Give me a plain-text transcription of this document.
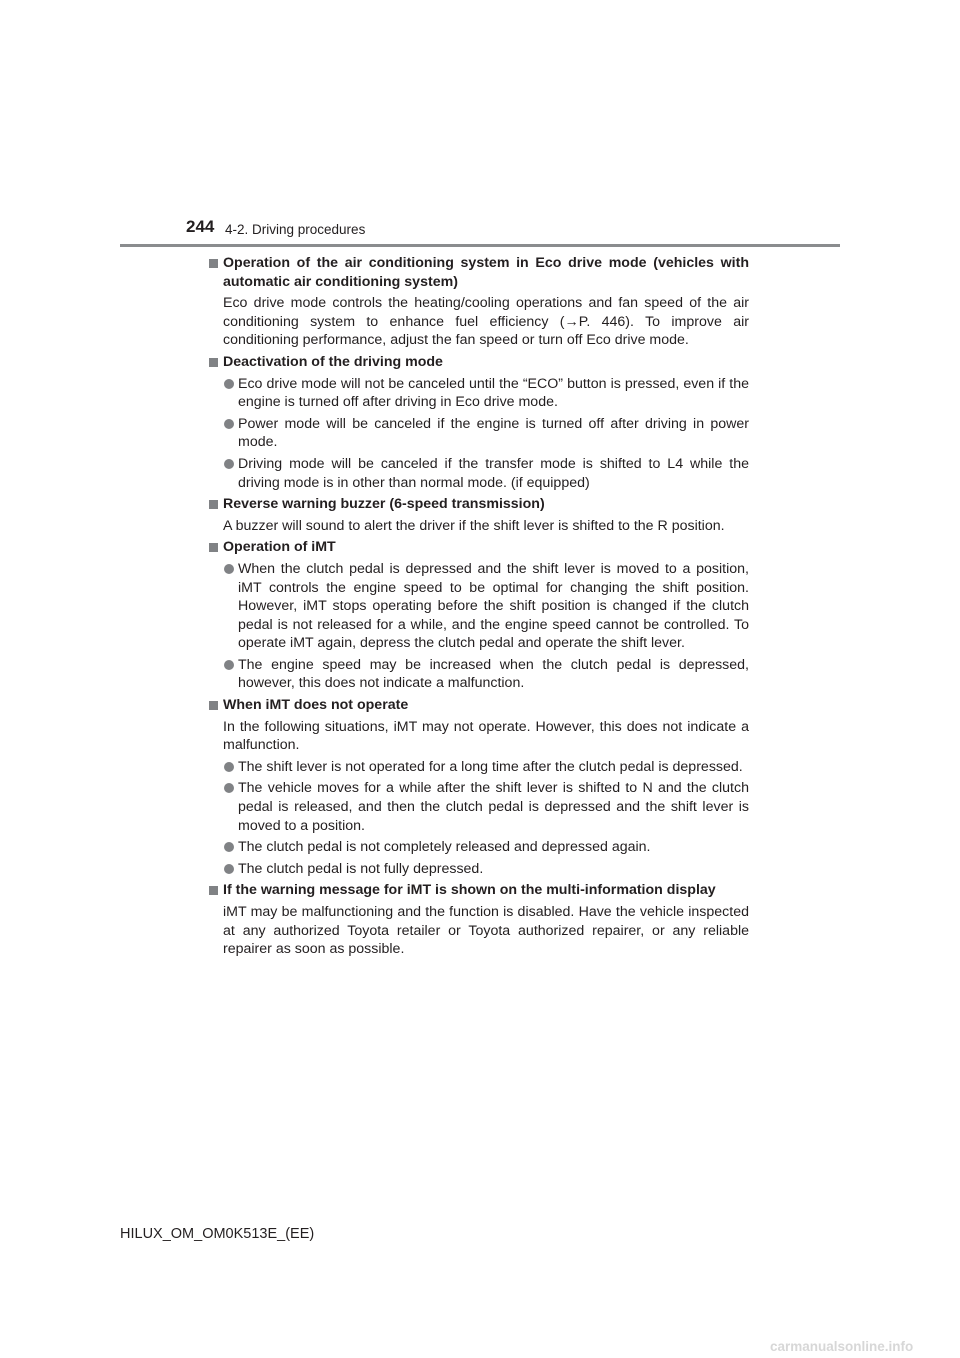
244 4-2. Driving procedures
Operation of the air conditioning system in Eco drive mode (vehicles with automatic air conditioning system)
Eco drive mode controls the heating/cooling operations and fan speed of the air conditioning system to enhance fuel efficiency (→P. 446). To improve air conditioning performance, adjust the fan speed or turn off Eco drive mode.
Deactivation of the driving mode
Eco drive mode will not be canceled until the “ECO” button is pressed, even if the engine is turned off after driving in Eco drive mode.
Power mode will be canceled if the engine is turned off after driving in power mode.
Driving mode will be canceled if the transfer mode is shifted to L4 while the driving mode is in other than normal mode. (if equipped)
Reverse warning buzzer (6-speed transmission)
A buzzer will sound to alert the driver if the shift lever is shifted to the R position.
Operation of iMT
When the clutch pedal is depressed and the shift lever is moved to a position, iMT controls the engine speed to be optimal for changing the shift position. However, iMT stops operating before the shift position is changed if the clutch pedal is not released for a while, and the engine speed cannot be controlled. To operate iMT again, depress the clutch pedal and operate the shift lever.
The engine speed may be increased when the clutch pedal is depressed, however, this does not indicate a malfunction.
When iMT does not operate
In the following situations, iMT may not operate. However, this does not indicate a malfunction.
The shift lever is not operated for a long time after the clutch pedal is depressed.
The vehicle moves for a while after the shift lever is shifted to N and the clutch pedal is released, and then the clutch pedal is depressed and the shift lever is moved to a position.
The clutch pedal is not completely released and depressed again.
The clutch pedal is not fully depressed.
If the warning message for iMT is shown on the multi-information display
iMT may be malfunctioning and the function is disabled. Have the vehicle inspected at any authorized Toyota retailer or Toyota authorized repairer, or any reliable repairer as soon as possible.
HILUX_OM_OM0K513E_(EE)
carmanualsonline.info
